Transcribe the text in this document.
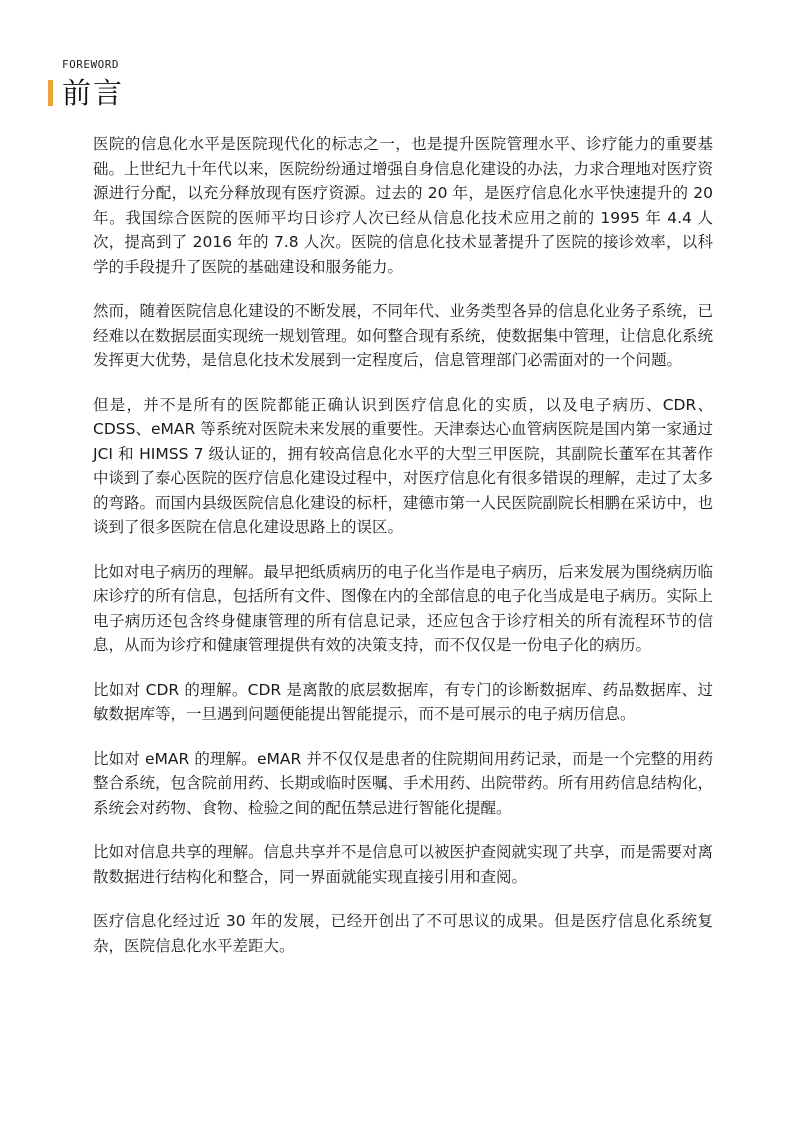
FOREWORD
前言

医院的信息化水平是医院现代化的标志之一，也是提升医院管理水平、诊疗能力的重要基础。上世纪九十年代以来，医院纷纷通过增强自身信息化建设的办法，力求合理地对医疗资源进行分配，以充分释放现有医疗资源。过去的 20 年，是医疗信息化水平快速提升的 20 年。我国综合医院的医师平均日诊疗人次已经从信息化技术应用之前的 1995 年 4.4 人次，提高到了 2016 年的 7.8 人次。医院的信息化技术显著提升了医院的接诊效率，以科学的手段提升了医院的基础建设和服务能力。

然而，随着医院信息化建设的不断发展，不同年代、业务类型各异的信息化业务子系统，已经难以在数据层面实现统一规划管理。如何整合现有系统，使数据集中管理，让信息化系统发挥更大优势，是信息化技术发展到一定程度后，信息管理部门必需面对的一个问题。

但是，并不是所有的医院都能正确认识到医疗信息化的实质，以及电子病历、CDR、CDSS、eMAR 等系统对医院未来发展的重要性。天津泰达心血管病医院是国内第一家通过 JCI 和 HIMSS 7 级认证的，拥有较高信息化水平的大型三甲医院，其副院长董军在其著作中谈到了泰心医院的医疗信息化建设过程中，对医疗信息化有很多错误的理解，走过了太多的弯路。而国内县级医院信息化建设的标杆，建德市第一人民医院副院长相鹏在采访中，也谈到了很多医院在信息化建设思路上的误区。

比如对电子病历的理解。最早把纸质病历的电子化当作是电子病历，后来发展为围绕病历临床诊疗的所有信息，包括所有文件、图像在内的全部信息的电子化当成是电子病历。实际上电子病历还包含终身健康管理的所有信息记录，还应包含于诊疗相关的所有流程环节的信息，从而为诊疗和健康管理提供有效的决策支持，而不仅仅是一份电子化的病历。

比如对 CDR 的理解。CDR 是离散的底层数据库，有专门的诊断数据库、药品数据库、过敏数据库等，一旦遇到问题便能提出智能提示，而不是可展示的电子病历信息。

比如对 eMAR 的理解。eMAR 并不仅仅是患者的住院期间用药记录，而是一个完整的用药整合系统，包含院前用药、长期或临时医嘱、手术用药、出院带药。所有用药信息结构化，系统会对药物、食物、检验之间的配伍禁忌进行智能化提醒。

比如对信息共享的理解。信息共享并不是信息可以被医护查阅就实现了共享，而是需要对离散数据进行结构化和整合，同一界面就能实现直接引用和查阅。

医疗信息化经过近 30 年的发展，已经开创出了不可思议的成果。但是医疗信息化系统复杂，医院信息化水平差距大。
